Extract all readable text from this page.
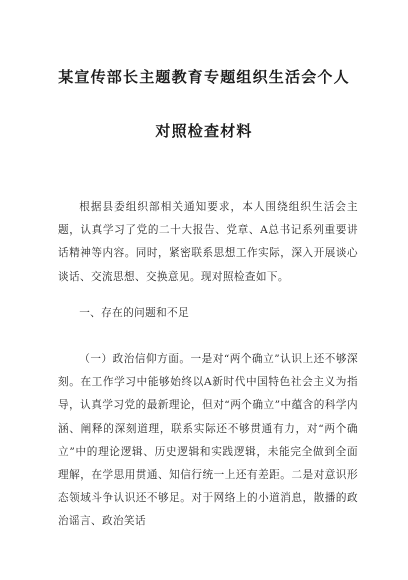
某宣传部长主题教育专题组织生活会个人
对照检查材料

根据县委组织部相关通知要求，本人围绕组织生活会主题，认真学习了党的二十大报告、党章、A总书记系列重要讲话精神等内容。同时，紧密联系思想工作实际，深入开展谈心谈话、交流思想、交换意见。现对照检查如下。

一、存在的问题和不足

（一）政治信仰方面。一是对“两个确立”认识上还不够深刻。在工作学习中能够始终以A新时代中国特色社会主义为指导，认真学习党的最新理论，但对“两个确立”中蕴含的科学内涵、阐释的深刻道理，联系实际还不够贯通有力，对“两个确立”中的理论逻辑、历史逻辑和实践逻辑，未能完全做到全面理解，在学思用贯通、知信行统一上还有差距。二是对意识形态领域斗争认识还不够足。对于网络上的小道消息，散播的政治谣言、政治笑话
